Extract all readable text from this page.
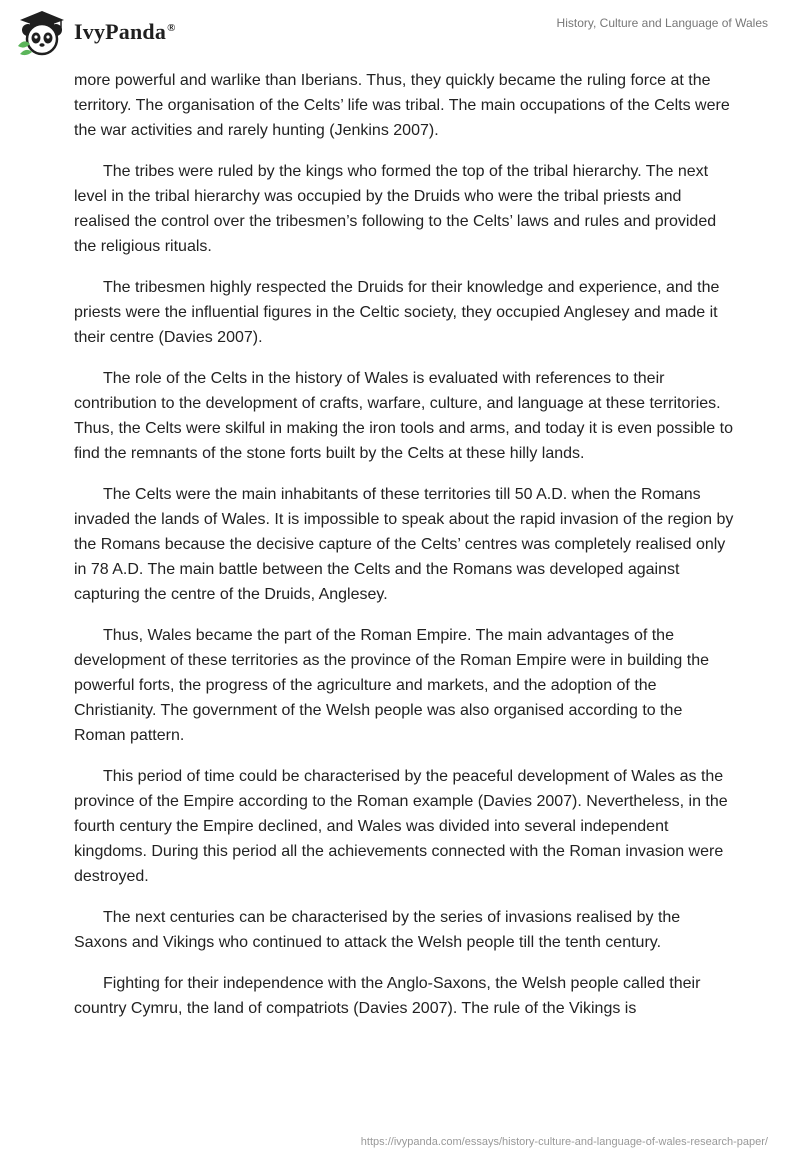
IvyPanda®	History, Culture and Language of Wales

more powerful and warlike than Iberians. Thus, they quickly became the ruling force at the territory. The organisation of the Celts’ life was tribal. The main occupations of the Celts were the war activities and rarely hunting (Jenkins 2007).

The tribes were ruled by the kings who formed the top of the tribal hierarchy. The next level in the tribal hierarchy was occupied by the Druids who were the tribal priests and realised the control over the tribesmen’s following to the Celts’ laws and rules and provided the religious rituals.

The tribesmen highly respected the Druids for their knowledge and experience, and the priests were the influential figures in the Celtic society, they occupied Anglesey and made it their centre (Davies 2007).

The role of the Celts in the history of Wales is evaluated with references to their contribution to the development of crafts, warfare, culture, and language at these territories. Thus, the Celts were skilful in making the iron tools and arms, and today it is even possible to find the remnants of the stone forts built by the Celts at these hilly lands.

The Celts were the main inhabitants of these territories till 50 A.D. when the Romans invaded the lands of Wales. It is impossible to speak about the rapid invasion of the region by the Romans because the decisive capture of the Celts’ centres was completely realised only in 78 A.D. The main battle between the Celts and the Romans was developed against capturing the centre of the Druids, Anglesey.

Thus, Wales became the part of the Roman Empire. The main advantages of the development of these territories as the province of the Roman Empire were in building the powerful forts, the progress of the agriculture and markets, and the adoption of the Christianity. The government of the Welsh people was also organised according to the Roman pattern.

This period of time could be characterised by the peaceful development of Wales as the province of the Empire according to the Roman example (Davies 2007). Nevertheless, in the fourth century the Empire declined, and Wales was divided into several independent kingdoms. During this period all the achievements connected with the Roman invasion were destroyed.

The next centuries can be characterised by the series of invasions realised by the Saxons and Vikings who continued to attack the Welsh people till the tenth century.

Fighting for their independence with the Anglo-Saxons, the Welsh people called their country Cymru, the land of compatriots (Davies 2007). The rule of the Vikings is

https://ivypanda.com/essays/history-culture-and-language-of-wales-research-paper/
